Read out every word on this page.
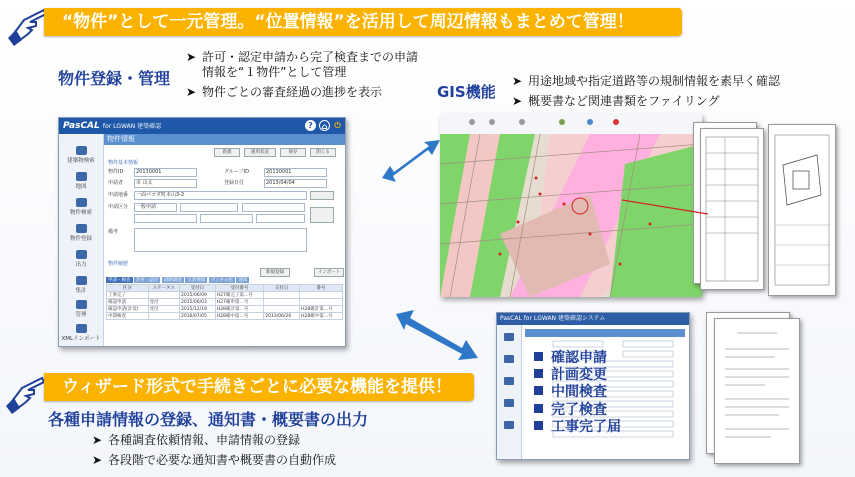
“物件”として一元管理。“位置情報”を活用して周辺情報もまとめて管理！
物件登録・管理
➤ 許可・認定申請から完了検査までの申請
情報を“１物件”として管理
➤ 物件ごとの審査経過の進捗を表示	GIS機能
➤ 用途地域や指定道路等の規制情報を素早く確認
➤ 概要書など関連書類をファイリング
PasCAL for LGWAN 建築確認	?	⌂ ⏻
建築物検索
地図
物件検索
物件登録
出力
集計
管理
XMLインポート
物件情報
新規	運用状況	保存	閉じる
物件基本情報
物件ID	20130001	グループID	20130001
申請者	市 山太	登録日付	2013/04/04
申請地番	一面パゴダ町本山3-2
申請区分	一般申請
備考
物件履歴
新規登録	インポート
申請・検査 許可・認定 道路調査 文書情報 デジタル化 通知
区分	ステータス	受付日	受付番号	交付日	番号
工事完了		2015/06/09	H27確完了第…号		
確認申請	受付	2015/06/03	H27確申第…号		
確認申請(計変)	受付	2015/12/19	H28確計第…号		H28確計第…号
中間検査		2016/07/05	H28確中第…号	2013/06/26	H28確中第…号
ウィザード形式で手続きごとに必要な機能を提供！
各種申請情報の登録、通知書・概要書の出力
➤ 各種調査依頼情報、申請情報の登録
➤ 各段階で必要な通知書や概要書の自動作成
PasCAL for LGWAN 建築確認システム
確認申請
計画変更
中間検査
完了検査
工事完了届
